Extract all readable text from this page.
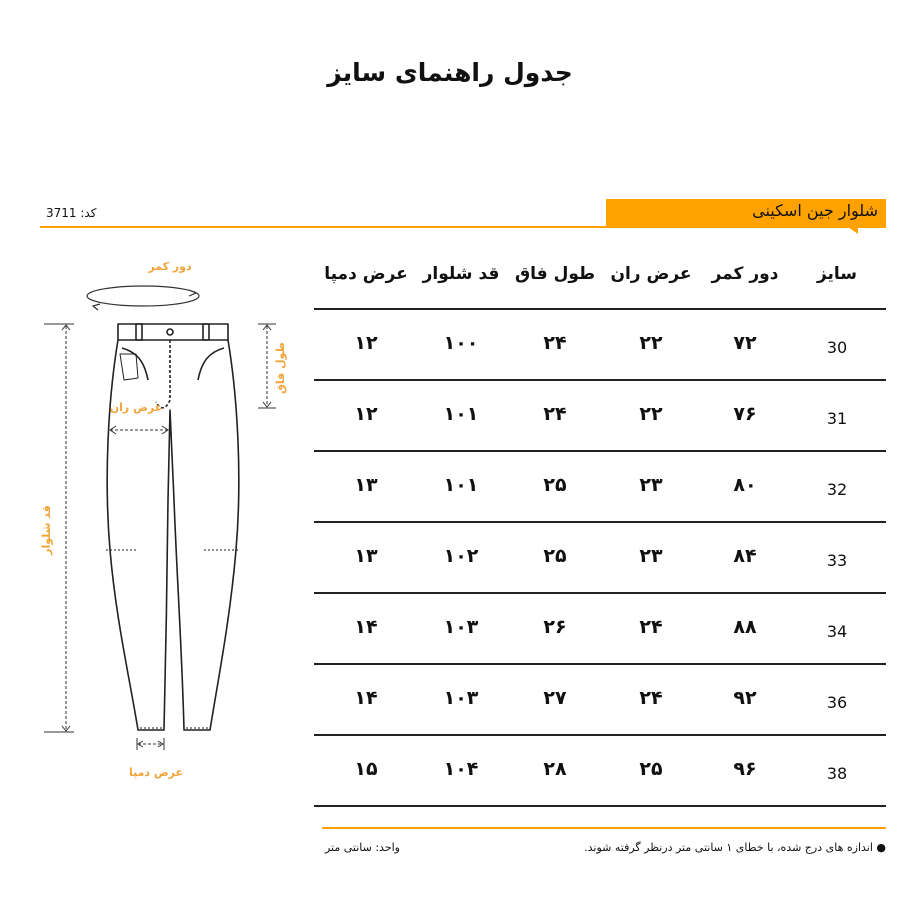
جدول راهنمای سایز
کد: 3711	شلوار جین اسکینی
دور کمر
طول فاق
عرض ران
قد شلوار
عرض دمپا
سایز
دور کمر
عرض ران
طول فاق
قد شلوار
عرض دمپا
30
۷۲
۲۲
۲۴
۱۰۰
۱۲
31
۷۶
۲۲
۲۴
۱۰۱
۱۲
32
۸۰
۲۳
۲۵
۱۰۱
۱۳
33
۸۴
۲۳
۲۵
۱۰۲
۱۳
34
۸۸
۲۴
۲۶
۱۰۳
۱۴
36
۹۲
۲۴
۲۷
۱۰۳
۱۴
38
۹۶
۲۵
۲۸
۱۰۴
۱۵
● اندازه های درج شده، با خطای ۱ سانتی متر درنظر گرفته شوند.
واحد: سانتی متر
